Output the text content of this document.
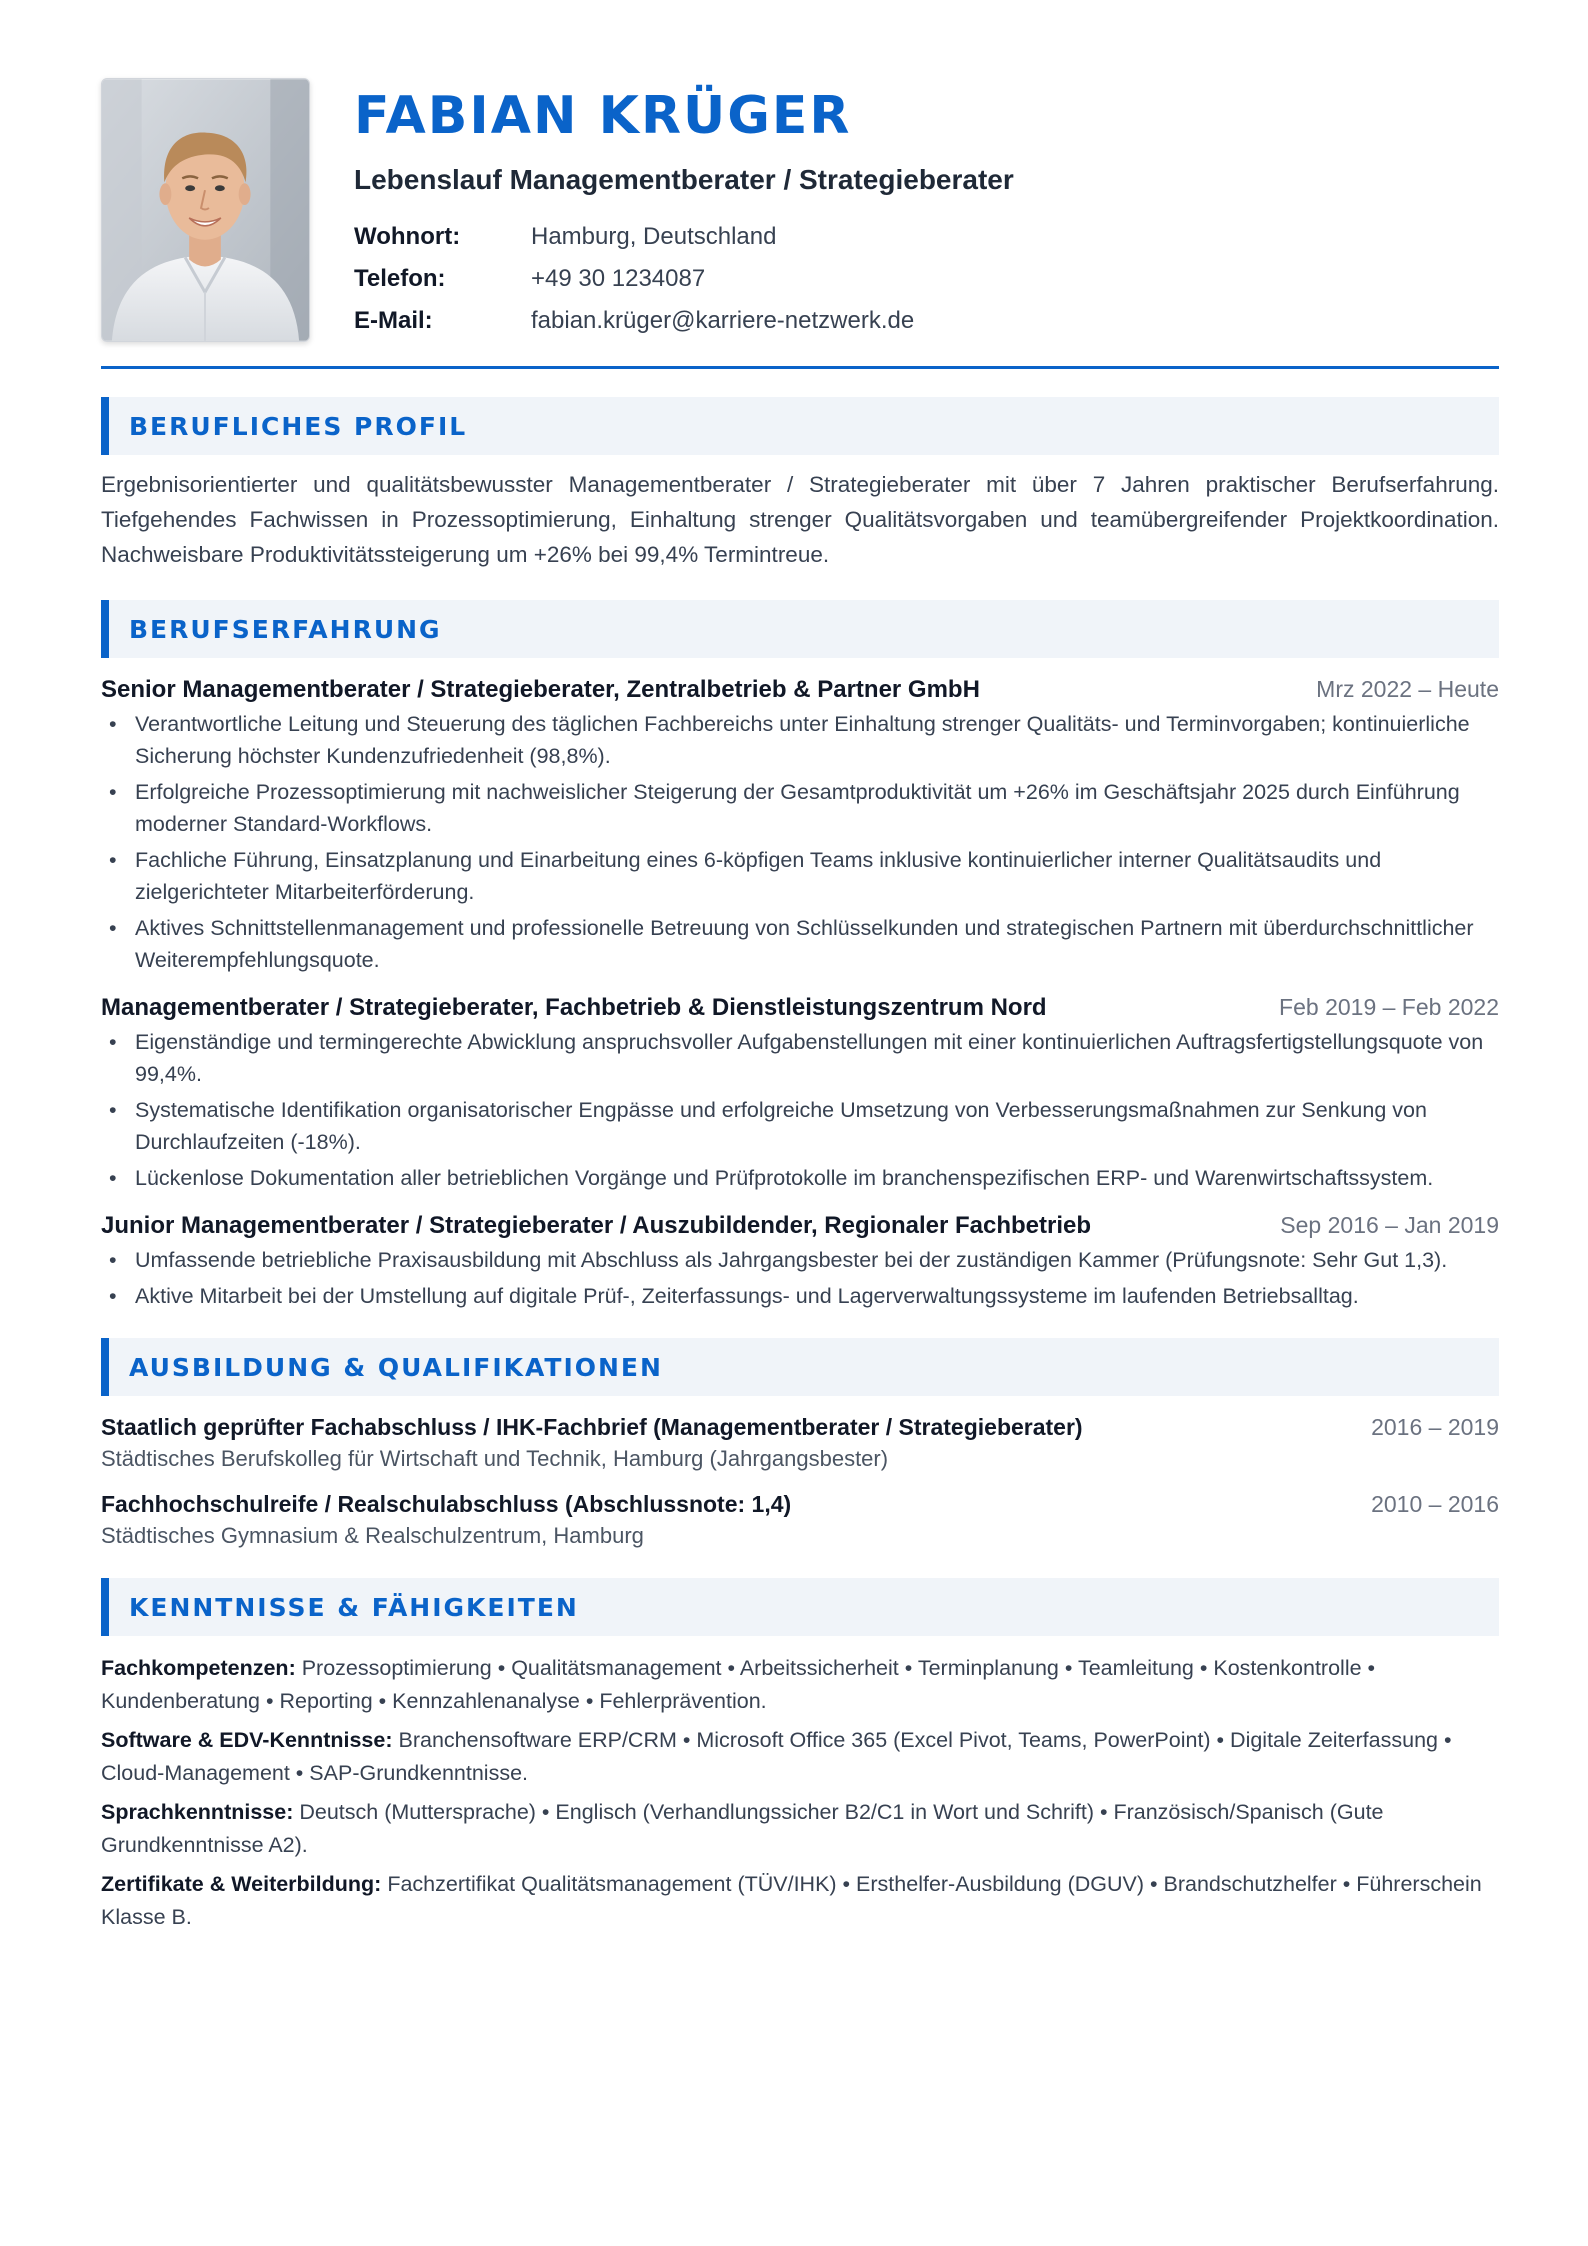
FABIAN KRÜGER
Lebenslauf Managementberater / Strategieberater
Wohnort:	Hamburg, Deutschland
Telefon:	+49 30 1234087
E-Mail:	fabian.krüger@karriere-netzwerk.de
BERUFLICHES PROFIL

Ergebnisorientierter und qualitätsbewusster Managementberater / Strategieberater mit über 7 Jahren praktischer Berufserfahrung. Tiefgehendes Fachwissen in Prozessoptimierung, Einhaltung strenger Qualitätsvorgaben und teamübergreifender Projektkoordination. Nachweisbare Produktivitätssteigerung um +26% bei 99,4% Termintreue.

BERUFSERFAHRUNG
Senior Managementberater / Strategieberater, Zentralbetrieb & Partner GmbH	Mrz 2022 – Heute
• Verantwortliche Leitung und Steuerung des täglichen Fachbereichs unter Einhaltung strenger Qualitäts- und Terminvorgaben; kontinuierliche Sicherung höchster Kundenzufriedenheit (98,8%).
• Erfolgreiche Prozessoptimierung mit nachweislicher Steigerung der Gesamtproduktivität um +26% im Geschäftsjahr 2025 durch Einführung moderner Standard-Workflows.
• Fachliche Führung, Einsatzplanung und Einarbeitung eines 6-köpfigen Teams inklusive kontinuierlicher interner Qualitätsaudits und zielgerichteter Mitarbeiterförderung.
• Aktives Schnittstellenmanagement und professionelle Betreuung von Schlüsselkunden und strategischen Partnern mit überdurchschnittlicher Weiterempfehlungsquote.
Managementberater / Strategieberater, Fachbetrieb & Dienstleistungszentrum Nord	Feb 2019 – Feb 2022
• Eigenständige und termingerechte Abwicklung anspruchsvoller Aufgabenstellungen mit einer kontinuierlichen Auftragsfertigstellungsquote von 99,4%.
• Systematische Identifikation organisatorischer Engpässe und erfolgreiche Umsetzung von Verbesserungsmaßnahmen zur Senkung von Durchlaufzeiten (-18%).
• Lückenlose Dokumentation aller betrieblichen Vorgänge und Prüfprotokolle im branchenspezifischen ERP- und Warenwirtschaftssystem.
Junior Managementberater / Strategieberater / Auszubildender, Regionaler Fachbetrieb	Sep 2016 – Jan 2019
• Umfassende betriebliche Praxisausbildung mit Abschluss als Jahrgangsbester bei der zuständigen Kammer (Prüfungsnote: Sehr Gut 1,3).
• Aktive Mitarbeit bei der Umstellung auf digitale Prüf-, Zeiterfassungs- und Lagerverwaltungssysteme im laufenden Betriebsalltag.
AUSBILDUNG & QUALIFIKATIONEN
Staatlich geprüfter Fachabschluss / IHK-Fachbrief (Managementberater / Strategieberater)	2016 – 2019
Städtisches Berufskolleg für Wirtschaft und Technik, Hamburg (Jahrgangsbester)
Fachhochschulreife / Realschulabschluss (Abschlussnote: 1,4)	2010 – 2016
Städtisches Gymnasium & Realschulzentrum, Hamburg
KENNTNISSE & FÄHIGKEITEN

Fachkompetenzen: Prozessoptimierung • Qualitätsmanagement • Arbeitssicherheit • Terminplanung • Teamleitung • Kostenkontrolle • Kundenberatung • Reporting • Kennzahlenanalyse • Fehlerprävention.

Software & EDV-Kenntnisse: Branchensoftware ERP/CRM • Microsoft Office 365 (Excel Pivot, Teams, PowerPoint) • Digitale Zeiterfassung • Cloud-Management • SAP-Grundkenntnisse.

Sprachkenntnisse: Deutsch (Muttersprache) • Englisch (Verhandlungssicher B2/C1 in Wort und Schrift) • Französisch/Spanisch (Gute Grundkenntnisse A2).

Zertifikate & Weiterbildung: Fachzertifikat Qualitätsmanagement (TÜV/IHK) • Ersthelfer-Ausbildung (DGUV) • Brandschutzhelfer • Führerschein Klasse B.
